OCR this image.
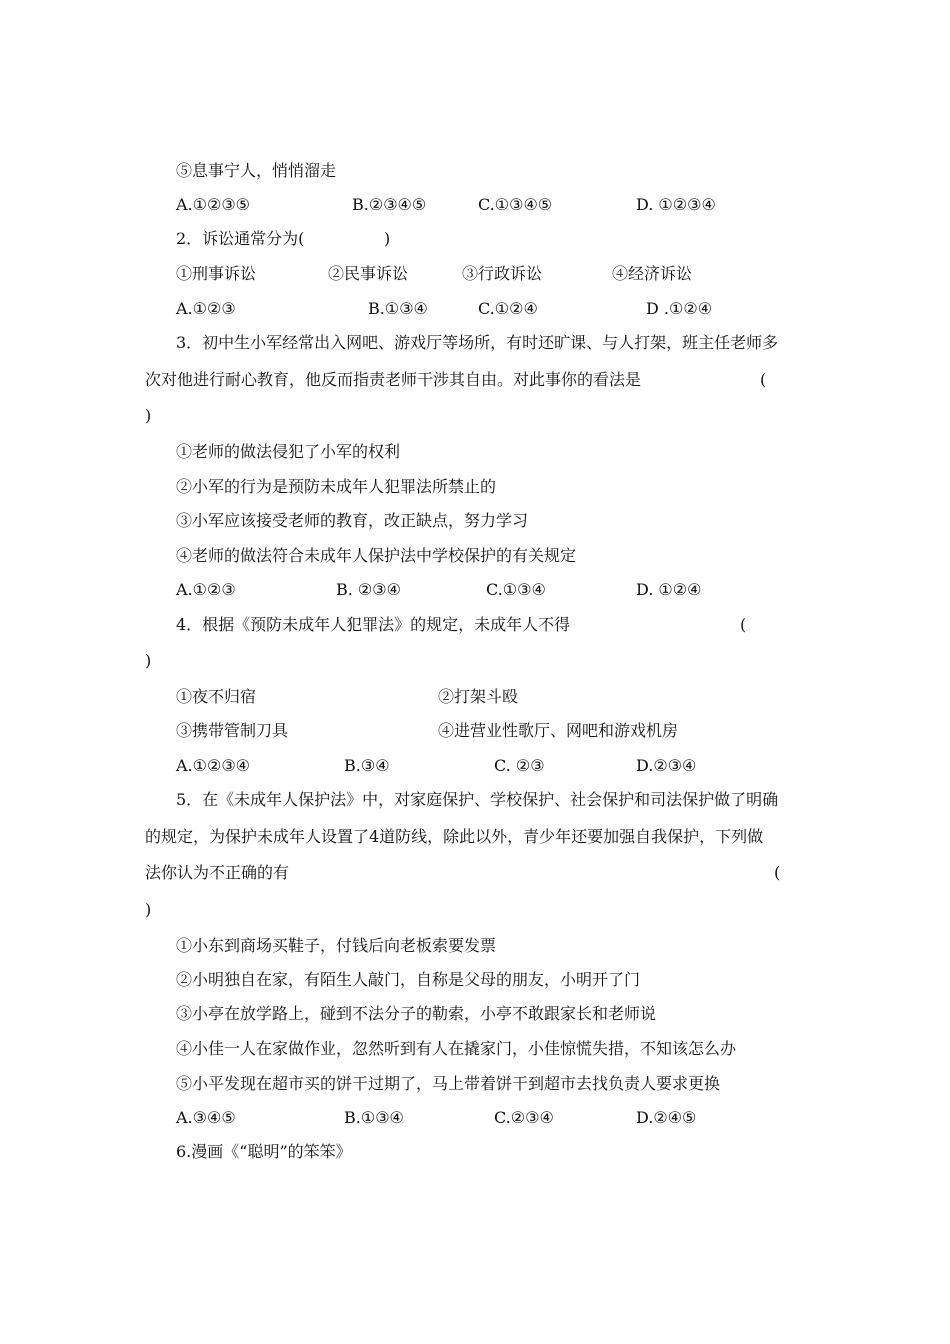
⑤息事宁人，悄悄溜走
A.①②③⑤	B.②③④⑤	C.①③④⑤	D. ①②③④
2．诉讼通常分为(	)
①刑事诉讼	②民事诉讼	③行政诉讼	④经济诉讼
A.①②③	B.①③④	C.①②④	D .①②④
3．初中生小军经常出入网吧、游戏厅等场所，有时还旷课、与人打架，班主任老师多
次对他进行耐心教育，他反而指责老师干涉其自由。对此事你的看法是	(
)
①老师的做法侵犯了小军的权利
②小军的行为是预防未成年人犯罪法所禁止的
③小军应该接受老师的教育，改正缺点，努力学习
④老师的做法符合未成年人保护法中学校保护的有关规定
A.①②③	B. ②③④	C.①③④	D. ①②④
4．根据《预防未成年人犯罪法》的规定，未成年人不得	(
)
①夜不归宿	②打架斗殴
③携带管制刀具	④进营业性歌厅、网吧和游戏机房
A.①②③④	B.③④	C. ②③	D.②③④
5．在《未成年人保护法》中，对家庭保护、学校保护、社会保护和司法保护做了明确
的规定，为保护未成年人设置了4道防线，除此以外，青少年还要加强自我保护，下列做
法你认为不正确的有	(
)
①小东到商场买鞋子，付钱后向老板索要发票
②小明独自在家，有陌生人敲门，自称是父母的朋友，小明开了门
③小亭在放学路上，碰到不法分子的勒索，小亭不敢跟家长和老师说
④小佳一人在家做作业，忽然听到有人在撬家门，小佳惊慌失措，不知该怎么办
⑤小平发现在超市买的饼干过期了，马上带着饼干到超市去找负责人要求更换
A.③④⑤	B.①③④	C.②③④	D.②④⑤
6.漫画《“聪明”的笨笨》
